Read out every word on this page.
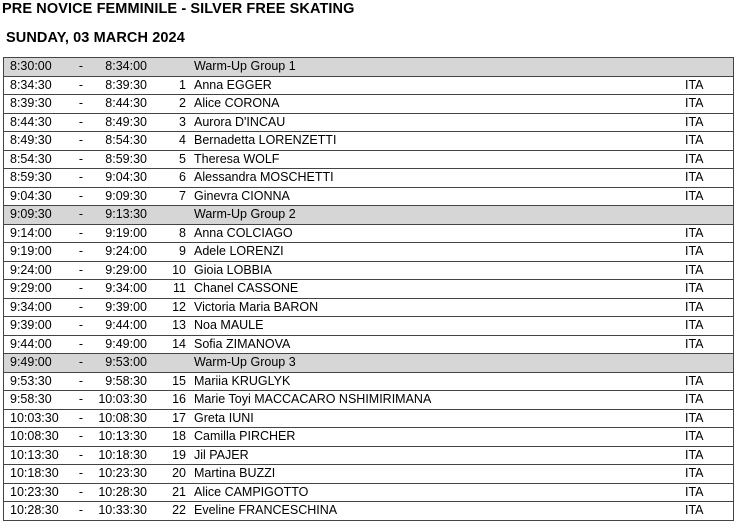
PRE NOVICE FEMMINILE - SILVER FREE SKATING
SUNDAY, 03 MARCH 2024
8:30:00	-	8:34:00		Warm-Up Group 1	
8:34:30	-	8:39:30	1	Anna EGGER	ITA
8:39:30	-	8:44:30	2	Alice CORONA	ITA
8:44:30	-	8:49:30	3	Aurora D'INCAU	ITA
8:49:30	-	8:54:30	4	Bernadetta LORENZETTI	ITA
8:54:30	-	8:59:30	5	Theresa WOLF	ITA
8:59:30	-	9:04:30	6	Alessandra MOSCHETTI	ITA
9:04:30	-	9:09:30	7	Ginevra CIONNA	ITA
9:09:30	-	9:13:30		Warm-Up Group 2	
9:14:00	-	9:19:00	8	Anna COLCIAGO	ITA
9:19:00	-	9:24:00	9	Adele LORENZI	ITA
9:24:00	-	9:29:00	10	Gioia LOBBIA	ITA
9:29:00	-	9:34:00	11	Chanel CASSONE	ITA
9:34:00	-	9:39:00	12	Victoria Maria BARON	ITA
9:39:00	-	9:44:00	13	Noa MAULE	ITA
9:44:00	-	9:49:00	14	Sofia ZIMANOVA	ITA
9:49:00	-	9:53:00		Warm-Up Group 3	
9:53:30	-	9:58:30	15	Mariia KRUGLYK	ITA
9:58:30	-	10:03:30	16	Marie Toyi MACCACARO NSHIMIRIMANA	ITA
10:03:30	-	10:08:30	17	Greta IUNI	ITA
10:08:30	-	10:13:30	18	Camilla PIRCHER	ITA
10:13:30	-	10:18:30	19	Jil PAJER	ITA
10:18:30	-	10:23:30	20	Martina BUZZI	ITA
10:23:30	-	10:28:30	21	Alice CAMPIGOTTO	ITA
10:28:30	-	10:33:30	22	Eveline FRANCESCHINA	ITA
